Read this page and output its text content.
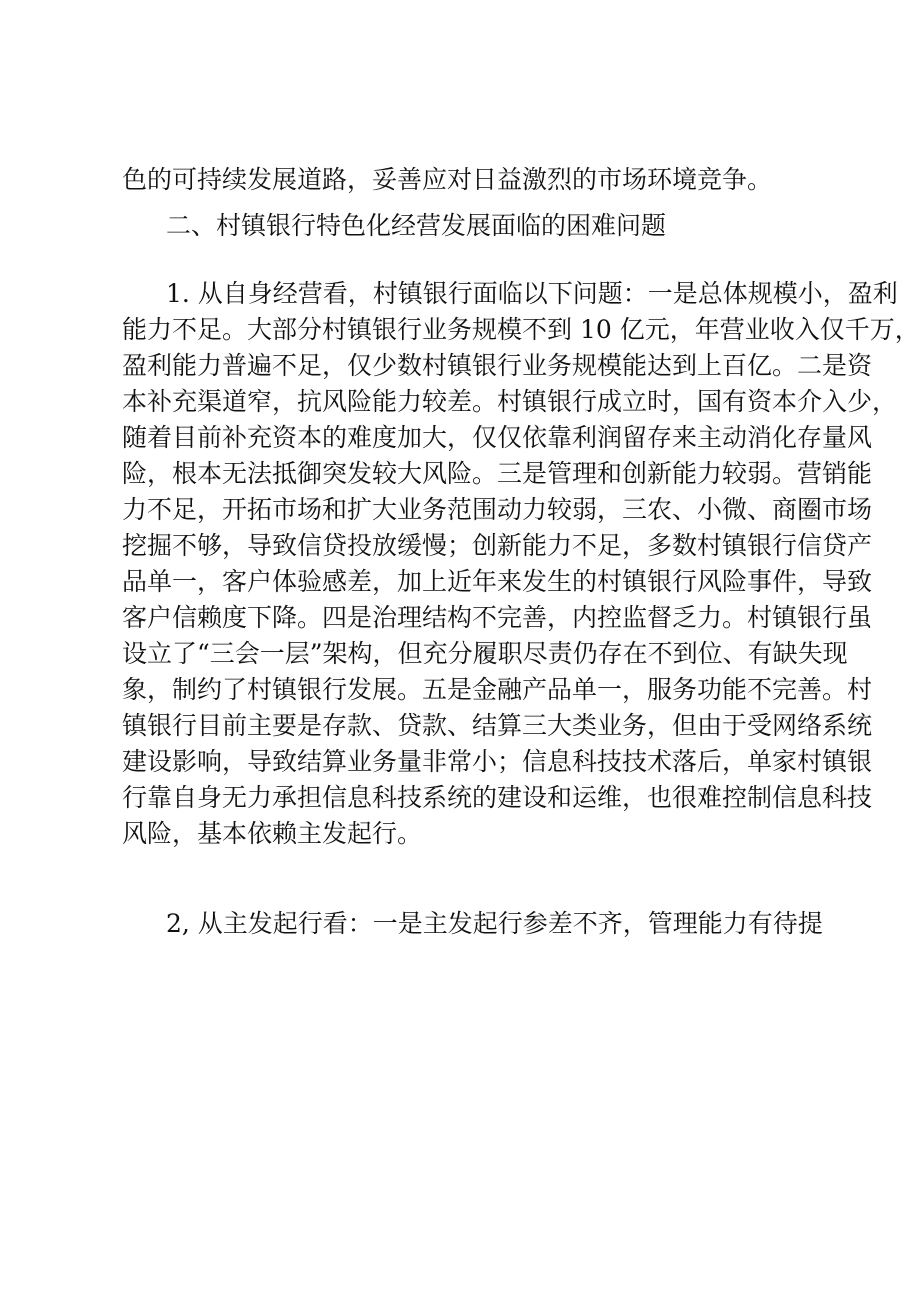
色的可持续发展道路，妥善应对日益激烈的市场环境竞争。
二、村镇银行特色化经营发展面临的困难问题
1. 从自身经营看，村镇银行面临以下问题：一是总体规模小，盈利
能力不足。大部分村镇银行业务规模不到 10 亿元，年营业收入仅千万，
盈利能力普遍不足，仅少数村镇银行业务规模能达到上百亿。二是资
本补充渠道窄，抗风险能力较差。村镇银行成立时，国有资本介入少，
随着目前补充资本的难度加大，仅仅依靠利润留存来主动消化存量风
险，根本无法抵御突发较大风险。三是管理和创新能力较弱。营销能
力不足，开拓市场和扩大业务范围动力较弱，三农、小微、商圈市场
挖掘不够，导致信贷投放缓慢；创新能力不足，多数村镇银行信贷产
品单一，客户体验感差，加上近年来发生的村镇银行风险事件，导致
客户信赖度下降。四是治理结构不完善，内控监督乏力。村镇银行虽
设立了“三会一层”架构，但充分履职尽责仍存在不到位、有缺失现
象，制约了村镇银行发展。五是金融产品单一，服务功能不完善。村
镇银行目前主要是存款、贷款、结算三大类业务，但由于受网络系统
建设影响，导致结算业务量非常小；信息科技技术落后，单家村镇银
行靠自身无力承担信息科技系统的建设和运维，也很难控制信息科技
风险，基本依赖主发起行。
2, 从主发起行看：一是主发起行参差不齐，管理能力有待提
